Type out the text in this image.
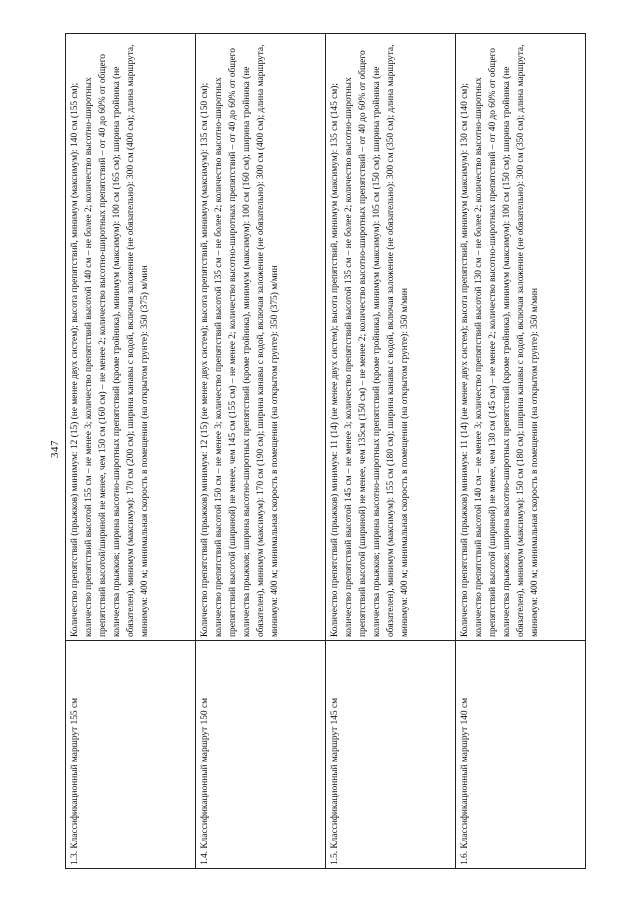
347
1.3. Классификационный маршрут 155 см	Количество препятствий (прыжков) минимум: 12 (15) (не менее двух систем); высота препятствий, минимум (максимум): 140 см (155 см); количество препятствий высотой 155 см – не менее 3; количество препятствий высотой 140 см – не более 2; количество высотно-широтных препятствий высотой/шириной не менее, чем 150 см (160 см) – не менее 2; количество высотно-широтных препятствий – от 40 до 60% от общего количества прыжков; ширина высотно-широтных препятствий (кроме тройника), минимум (максимум): 100 см (165 см); ширина тройника (не обязателен), минимум (максимум): 170 см (200 см); ширина канавы с водой, включая заложение (не обязательно): 300 см (400 см); длина маршрута, минимум: 400 м; минимальная скорость в помещении (на открытом грунте): 350 (375) м/мин
1.4. Классификационный маршрут 150 см	Количество препятствий (прыжков) минимум: 12 (15) (не менее двух систем); высота препятствий, минимум (максимум): 135 см (150 см); количество препятствий высотой 150 см – не менее 3; количество препятствий высотой 135 см – не более 2; количество высотно-широтных препятствий высотой (шириной) не менее, чем 145 см (155 см) – не менее 2; количество высотно-широтных препятствий – от 40 до 60% от общего количества прыжков; ширина высотно-широтных препятствий (кроме тройника), минимум (максимум): 100 см (160 см); ширина тройника (не обязателен), минимум (максимум): 170 см (190 см); ширина канавы с водой, включая заложение (не обязательно): 300 см (400 см); длина маршрута, минимум: 400 м; минимальная скорость в помещении (на открытом грунте): 350 (375) м/мин
1.5. Классификационный маршрут 145 см	Количество препятствий (прыжков) минимум: 11 (14) (не менее двух систем); высота препятствий, минимум (максимум): 135 см (145 см); количество препятствий высотой 145 см – не менее 3; количество препятствий высотой 135 см – не более 2; количество высотно-широтных препятствий высотой (шириной) не менее, чем 135см (150 см) – не менее 2; количество высотно-широтных препятствий – от 40 до 60% от общего количества прыжков; ширина высотно-широтных препятствий (кроме тройника), минимум (максимум): 105 см (150 см); ширина тройника (не обязателен), минимум (максимум): 155 см (180 см); ширина канавы с водой, включая заложение (не обязательно): 300 см (350 см); длина маршрута, минимум: 400 м; минимальная скорость в помещении (на открытом грунте): 350 м/мин
1.6. Классификационный маршрут 140 см	Количество препятствий (прыжков) минимум: 11 (14) (не менее двух систем); высота препятствий, минимум (максимум): 130 см (140 см); количество препятствий высотой 140 см – не менее 3; количество препятствий высотой 130 см – не более 2; количество высотно-широтных препятствий высотой (шириной) не менее, чем 130 см (145 см) – не менее 2; количество высотно-широтных препятствий – от 40 до 60% от общего количества прыжков; ширина высотно-широтных препятствий (кроме тройника), минимум (максимум): 100 см (150 см); ширина тройника (не обязателен), минимум (максимум): 150 см (180 см); ширина канавы с водой, включая заложение (не обязательно): 300 см (350 см); длина маршрута, минимум: 400 м; минимальная скорость в помещении (на открытом грунте): 350 м/мин
